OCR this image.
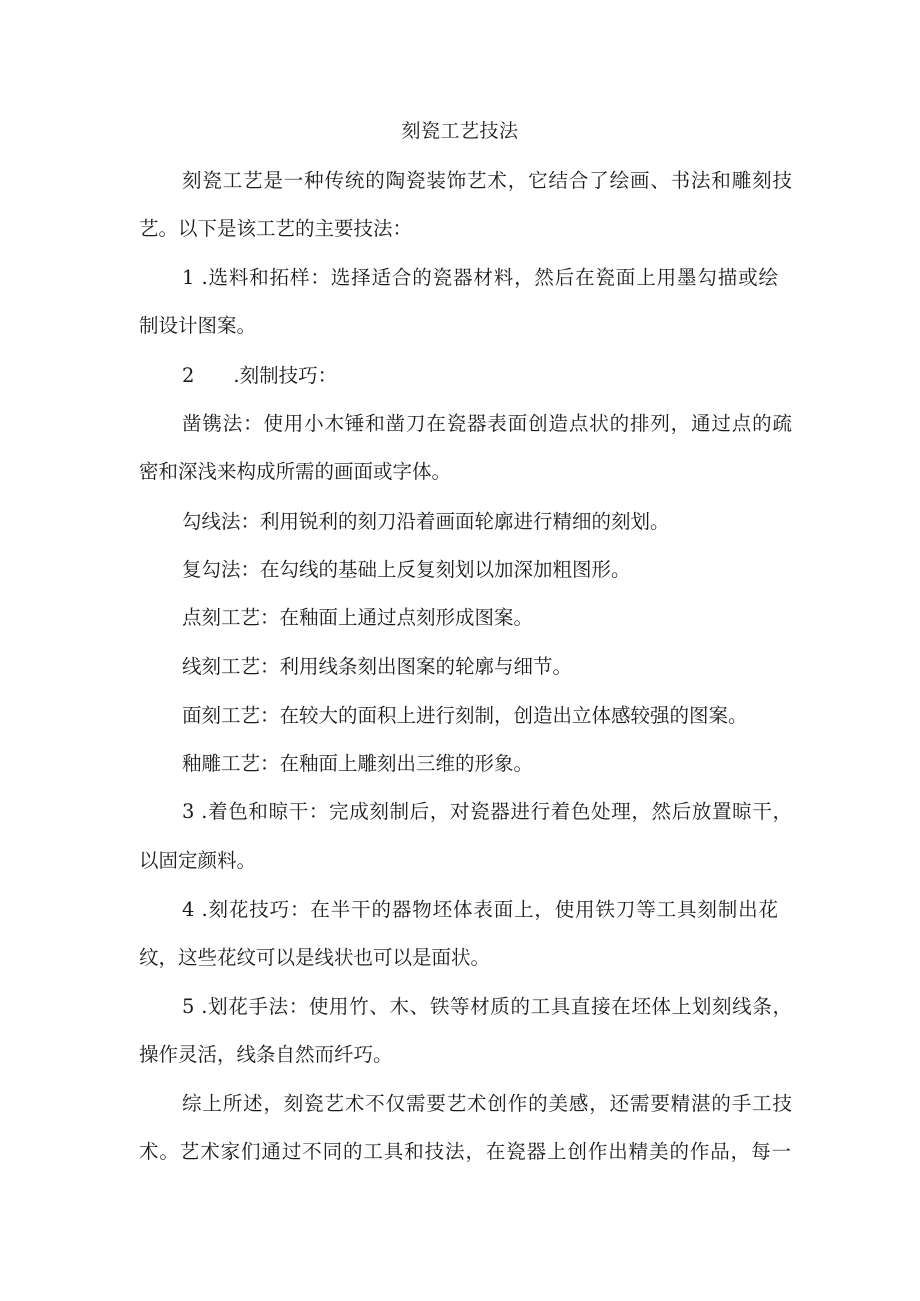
刻瓷工艺技法
刻瓷工艺是一种传统的陶瓷装饰艺术，它结合了绘画、书法和雕刻技
艺。以下是该工艺的主要技法：
1 .选料和拓样：选择适合的瓷器材料，然后在瓷面上用墨勾描或绘
制设计图案。
2  .刻制技巧：
凿镌法：使用小木锤和凿刀在瓷器表面创造点状的排列，通过点的疏
密和深浅来构成所需的画面或字体。
勾线法：利用锐利的刻刀沿着画面轮廓进行精细的刻划。
复勾法：在勾线的基础上反复刻划以加深加粗图形。
点刻工艺：在釉面上通过点刻形成图案。
线刻工艺：利用线条刻出图案的轮廓与细节。
面刻工艺：在较大的面积上进行刻制，创造出立体感较强的图案。
釉雕工艺：在釉面上雕刻出三维的形象。
3 .着色和晾干：完成刻制后，对瓷器进行着色处理，然后放置晾干，
以固定颜料。
4 .刻花技巧：在半干的器物坯体表面上，使用铁刀等工具刻制出花
纹，这些花纹可以是线状也可以是面状。
5 .划花手法：使用竹、木、铁等材质的工具直接在坯体上划刻线条，
操作灵活，线条自然而纤巧。
综上所述，刻瓷艺术不仅需要艺术创作的美感，还需要精湛的手工技
术。艺术家们通过不同的工具和技法，在瓷器上创作出精美的作品，每一
